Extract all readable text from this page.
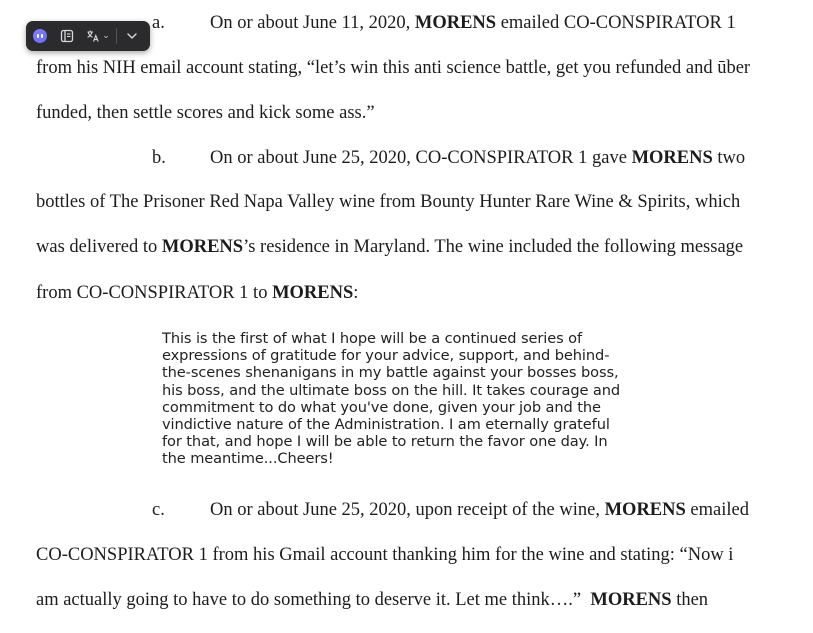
a. On or about June 11, 2020, MORENS emailed CO-CONSPIRATOR 1
from his NIH email account stating, “let’s win this anti science battle, get you refunded and ūber
funded, then settle scores and kick some ass.”
b. On or about June 25, 2020, CO-CONSPIRATOR 1 gave MORENS two
bottles of The Prisoner Red Napa Valley wine from Bounty Hunter Rare Wine & Spirits, which
was delivered to MORENS’s residence in Maryland. The wine included the following message
from CO-CONSPIRATOR 1 to MORENS:
This is the first of what I hope will be a continued series of
expressions of gratitude for your advice, support, and behind-
the-scenes shenanigans in my battle against your bosses boss,
his boss, and the ultimate boss on the hill. It takes courage and
commitment to do what you've done, given your job and the
vindictive nature of the Administration. I am eternally grateful
for that, and hope I will be able to return the favor one day. In
the meantime...Cheers!
c. On or about June 25, 2020, upon receipt of the wine, MORENS emailed
CO-CONSPIRATOR 1 from his Gmail account thanking him for the wine and stating: “Now i
am actually going to have to do something to deserve it. Let me think….”  MORENS then
⌄
